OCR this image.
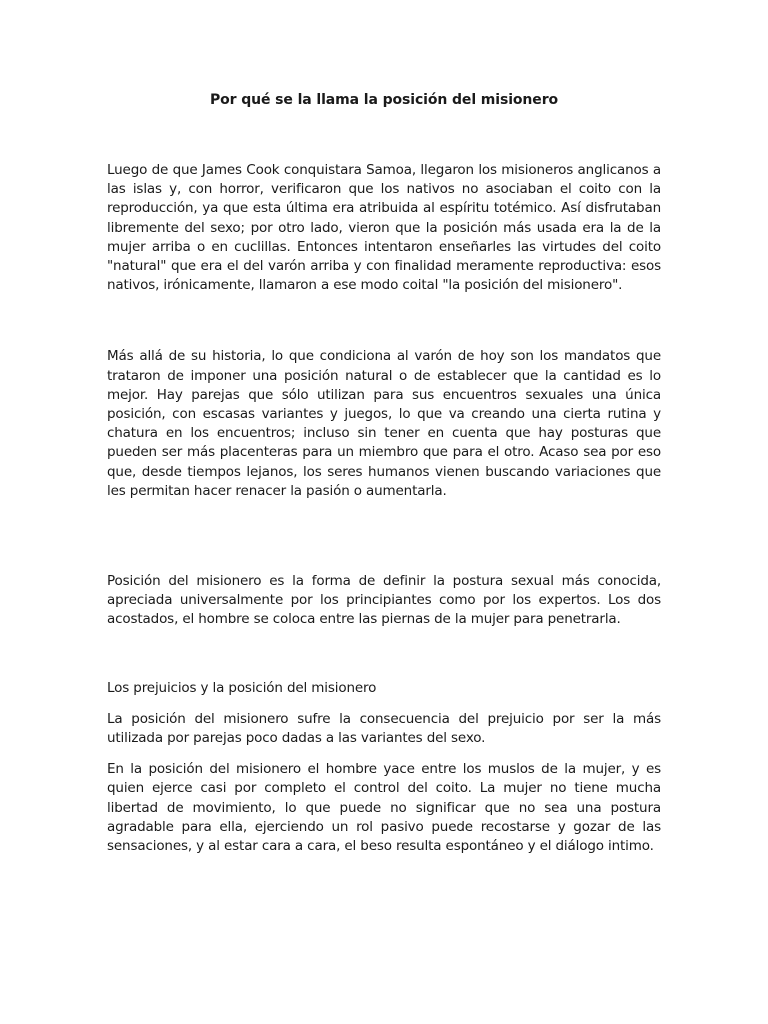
Por qué se la llama la posición del misionero

Luego de que James Cook conquistara Samoa, llegaron los misioneros anglicanos a las islas y, con horror, verificaron que los nativos no asociaban el coito con la reproducción, ya que esta última era atribuida al espíritu totémico. Así disfrutaban libremente del sexo; por otro lado, vieron que la posición más usada era la de la mujer arriba o en cuclillas. Entonces intentaron enseñarles las virtudes del coito "natural" que era el del varón arriba y con finalidad meramente reproductiva: esos nativos, irónicamente, llamaron a ese modo coital "la posición del misionero".

Más allá de su historia, lo que condiciona al varón de hoy son los mandatos que trataron de imponer una posición natural o de establecer que la cantidad es lo mejor. Hay parejas que sólo utilizan para sus encuentros sexuales una única posición, con escasas variantes y juegos, lo que va creando una cierta rutina y chatura en los encuentros; incluso sin tener en cuenta que hay posturas que pueden ser más placenteras para un miembro que para el otro. Acaso sea por eso que, desde tiempos lejanos, los seres humanos vienen buscando variaciones que les permitan hacer renacer la pasión o aumentarla.

Posición del misionero es la forma de definir la postura sexual más conocida, apreciada universalmente por los principiantes como por los expertos. Los dos acostados, el hombre se coloca entre las piernas de la mujer para penetrarla.

Los prejuicios y la posición del misionero

La posición del misionero sufre la consecuencia del prejuicio por ser la más utilizada por parejas poco dadas a las variantes del sexo.

En la posición del misionero el hombre yace entre los muslos de la mujer, y es quien ejerce casi por completo el control del coito. La mujer no tiene mucha libertad de movimiento, lo que puede no significar que no sea una postura agradable para ella, ejerciendo un rol pasivo puede recostarse y gozar de las sensaciones, y al estar cara a cara, el beso resulta espontáneo y el diálogo intimo.
